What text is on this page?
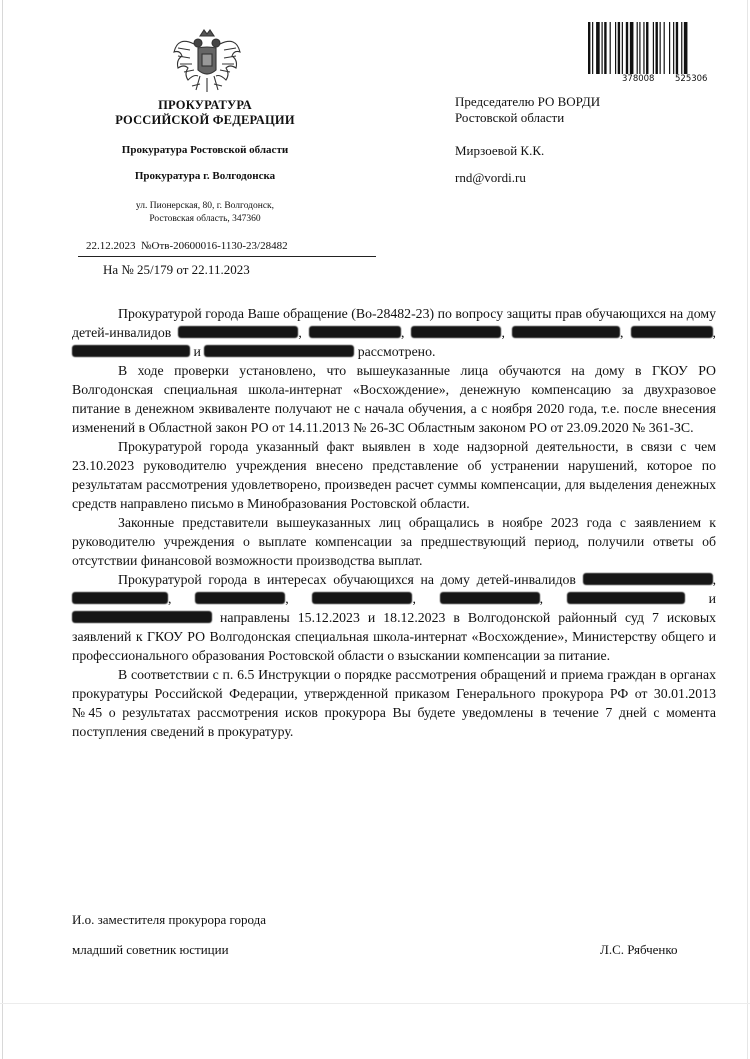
ПРОКУРАТУРА
РОССИЙСКОЙ ФЕДЕРАЦИИ
Прокуратура Ростовской области
Прокуратура г. Волгодонска
ул. Пионерская, 80, г. Волгодонск,
Ростовская область, 347360
22.12.2023  №Отв-20600016-1130-23/28482
На № 25/179 от 22.11.2023
378008 525306
Председателю РО ВОРДИ
Ростовской области
Мирзоевой К.К.
rnd@vordi.ru

Прокуратурой города Ваше обращение (Во-28482-23) по вопросу защиты прав обучающихся на дому детей-инвалидов	,	,	,	,	,  и	рассмотрено.

В ходе проверки установлено, что вышеуказанные лица обучаются на дому в ГКОУ РО Волгодонская специальная школа-интернат «Восхождение», денежную компенсацию за двухразовое питание в денежном эквиваленте получают не с начала обучения, а с ноября 2020 года, т.е. после внесения изменений в Областной закон РО от 14.11.2013 № 26-ЗС Областным законом РО от 23.09.2020 № 361-ЗС.

Прокуратурой города указанный факт выявлен в ходе надзорной деятельности, в связи с чем 23.10.2023 руководителю учреждения внесено представление об устранении нарушений, которое по результатам рассмотрения удовлетворено, произведен расчет суммы компенсации, для выделения денежных средств направлено письмо в Минобразования Ростовской области.

Законные представители вышеуказанных лиц обращались в ноябре 2023 года с заявлением к руководителю учреждения о выплате компенсации за предшествующий период, получили ответы об отсутствии финансовой возможности производства выплат.

Прокуратурой города в интересах обучающихся на дому детей-инвалидов	, ,	,	,	,	и  направлены 15.12.2023 и 18.12.2023 в Волгодонской районный суд 7 исковых заявлений к ГКОУ РО Волгодонская специальная школа-интернат «Восхождение», Министерству общего и профессионального образования Ростовской области о взыскании компенсации за питание.

В соответствии с п. 6.5 Инструкции о порядке рассмотрения обращений и приема граждан в органах прокуратуры Российской Федерации, утвержденной приказом Генерального прокурора РФ от 30.01.2013 №45 о результатах рассмотрения исков прокурора Вы будете уведомлены в течение 7 дней с момента поступления сведений в прокуратуру.

И.о. заместителя прокурора города
младший советник юстиции	Л.С. Рябченко
